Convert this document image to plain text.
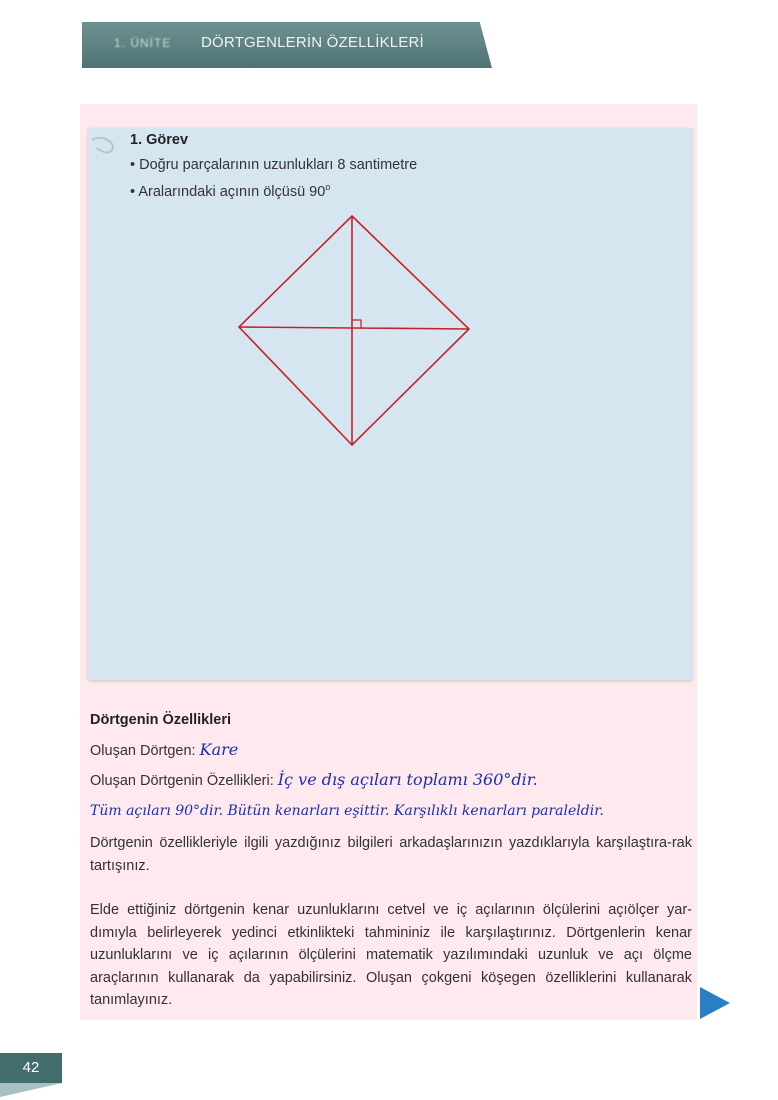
1. ÜNİTE DÖRTGENLERİN ÖZELLİKLERİ
1. Görev
• Doğru parçalarının uzunlukları 8 santimetre
• Aralarındaki açının ölçüsü 90$^o$
Dörtgenin Özellikleri
Oluşan Dörtgen: Kare
Oluşan Dörtgenin Özellikleri: İç ve dış açıları toplamı 360°dir.
Tüm açıları 90°dir. Bütün kenarları eşittir. Karşılıklı kenarları paraleldir.

Dörtgenin özellikleriyle ilgili yazdığınız bilgileri arkadaşlarınızın yazdıklarıyla karşılaştıra-rak tartışınız.

Elde ettiğiniz dörtgenin kenar uzunluklarını cetvel ve iç açılarının ölçülerini açıölçer yar-dımıyla belirleyerek yedinci etkinlikteki tahmininiz ile karşılaştırınız. Dörtgenlerin kenar uzunluklarını ve iç açılarının ölçülerini matematik yazılımındaki uzunluk ve açı ölçme araçlarının kullanarak da yapabilirsiniz. Oluşan çokgeni köşegen özelliklerini kullanarak tanımlayınız.

42
